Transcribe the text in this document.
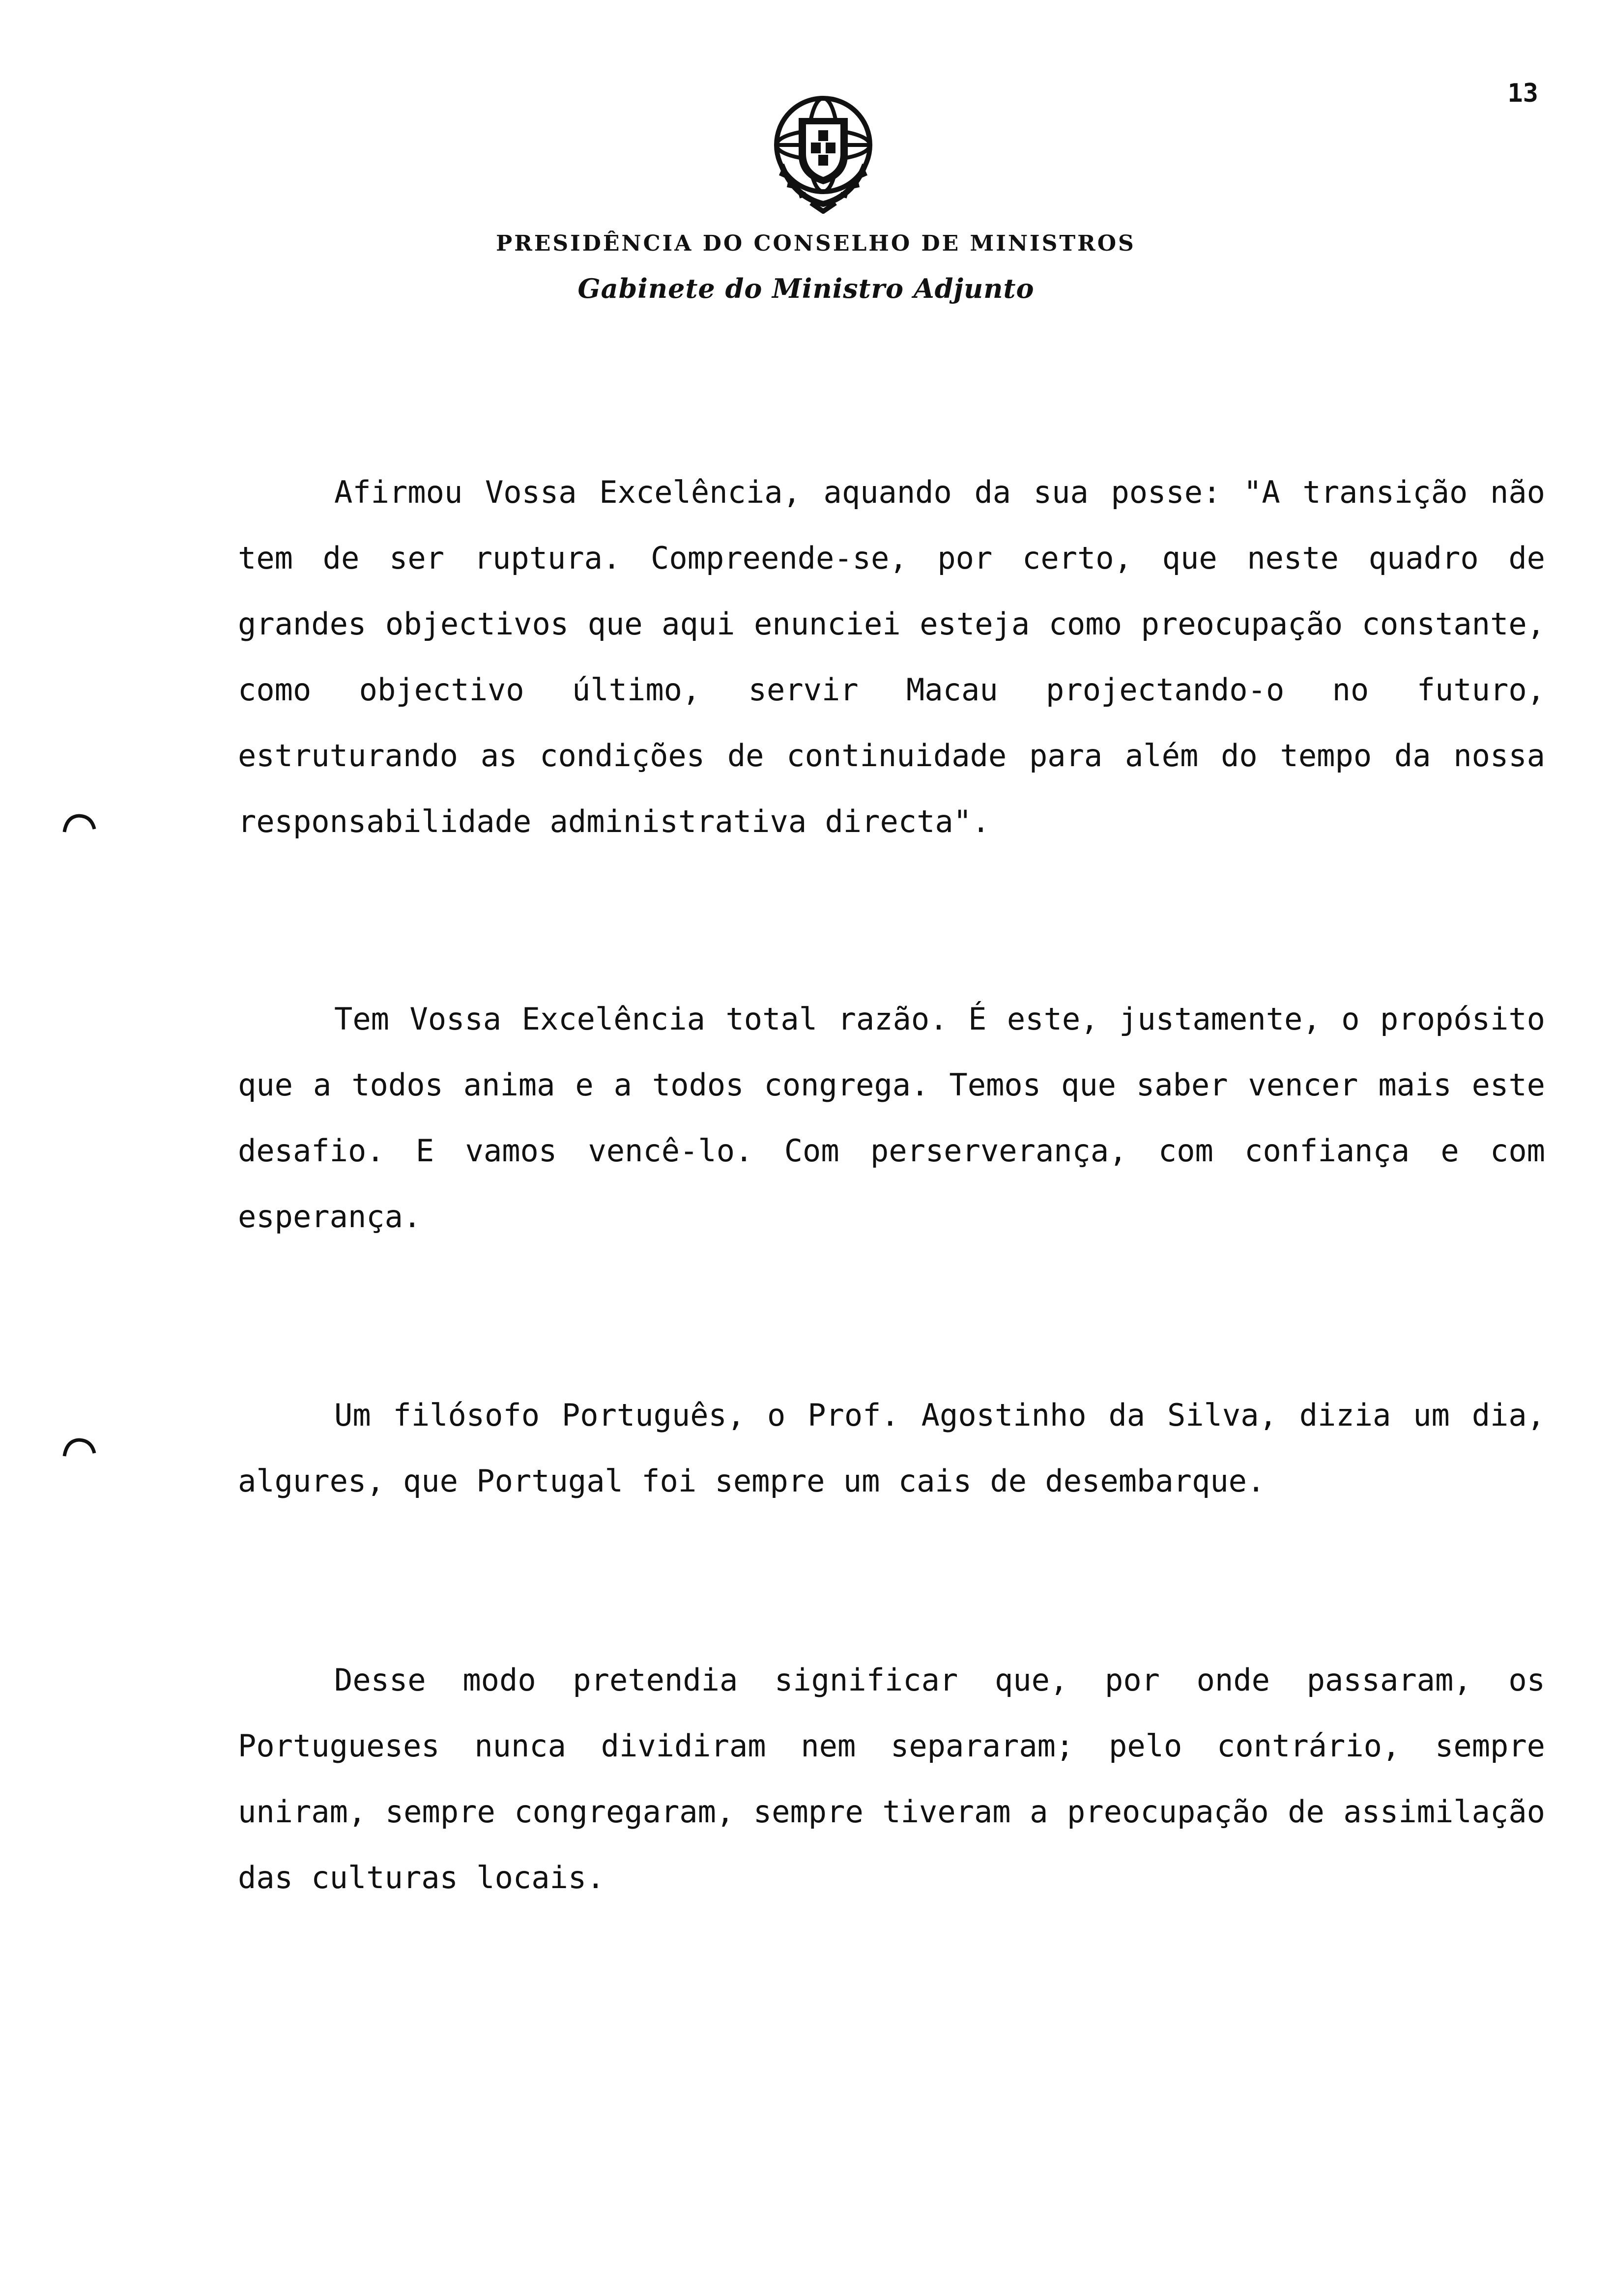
13
PRESIDÊNCIA DO CONSELHO DE MINISTROS
Gabinete do Ministro Adjunto
Afirmou Vossa Excelência, aquando da sua posse: "A transição não tem de ser ruptura. Compreende-se, por certo, que neste quadro de grandes objectivos que aqui enunciei esteja como preocupação constante, como objectivo último, servir Macau projectando-o no futuro, estruturando as condições de continuidade para além do tempo da nossa responsabilidade administrativa directa".
Tem Vossa Excelência total razão. É este, justamente, o propósito que a todos anima e a todos congrega. Temos que saber vencer mais este desafio. E vamos vencê-lo. Com perserverança, com confiança e com esperança.
Um filósofo Português, o Prof. Agostinho da Silva, dizia um dia, algures, que Portugal foi sempre um cais de desembarque.
Desse modo pretendia significar que, por onde passaram, os Portugueses nunca dividiram nem separaram; pelo contrário, sempre uniram, sempre congregaram, sempre tiveram a preocupação de assimilação das culturas locais.
